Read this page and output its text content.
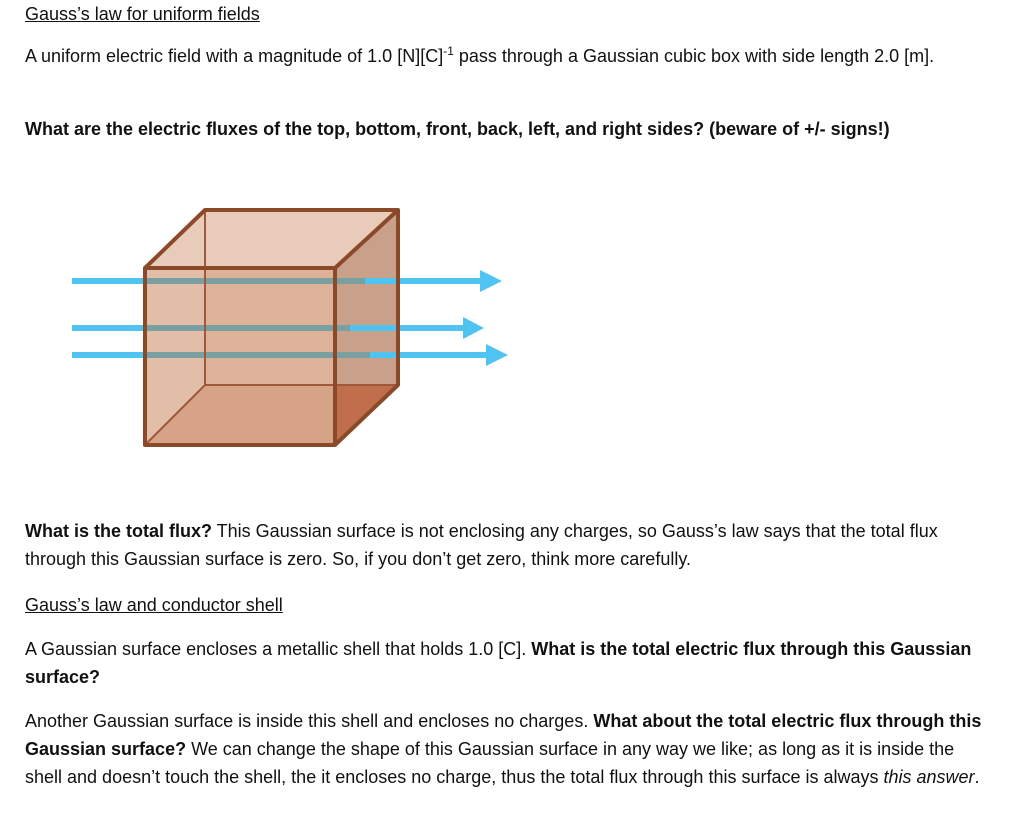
Gauss’s law for uniform fields

A uniform electric field with a magnitude of 1.0 $[N][C]^{-1}$ pass through a Gaussian cubic box with side length 2.0 [m].

What are the electric fluxes of the top, bottom, front, back, left, and right sides? (beware of +/- signs!)

What is the total flux? This Gaussian surface is not enclosing any charges, so Gauss’s law says that the total flux through this Gaussian surface is zero. So, if you don’t get zero, think more carefully.

Gauss’s law and conductor shell

A Gaussian surface encloses a metallic shell that holds 1.0 [C]. What is the total electric flux through this Gaussian surface?

Another Gaussian surface is inside this shell and encloses no charges. What about the total electric flux through this Gaussian surface? We can change the shape of this Gaussian surface in any way we like; as long as it is inside the shell and doesn’t touch the shell, the it encloses no charge, thus the total flux through this surface is always this answer.
